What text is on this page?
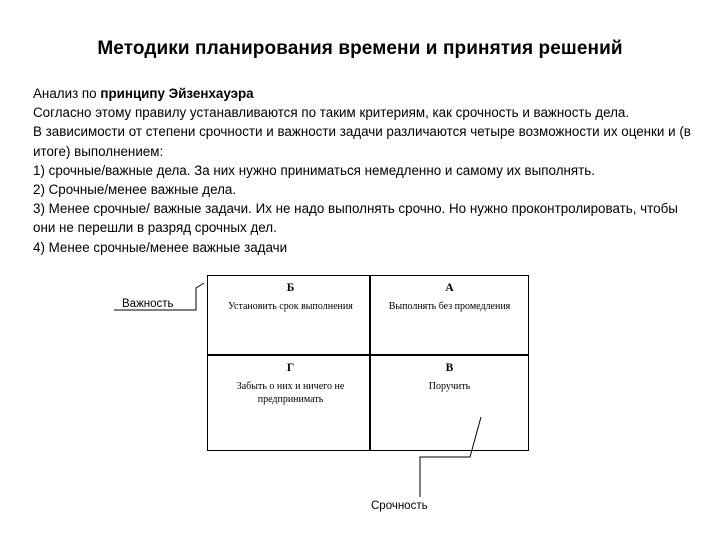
Методики планирования времени и принятия решений

Анализ по принципу Эйзенхауэра

Согласно этому правилу устанавливаются по таким критериям, как срочность и важность дела.

В зависимости от степени срочности и важности задачи различаются четыре возможности их оценки и (в итоге) выполнением:

1) срочные/важные дела. За них нужно приниматься немедленно и самому их выполнять.

2) Срочные/менее важные дела.

3) Менее срочные/ важные задачи. Их не надо выполнять срочно. Но нужно проконтролировать, чтобы они не перешли в разряд срочных дел.

4) Менее срочные/менее важные задачи

Важность
Б
Установить срок выполнения
А
Выполнять без промедления
Г
Забыть о них и ничего не предпринимать
В
Поручить
Срочность
